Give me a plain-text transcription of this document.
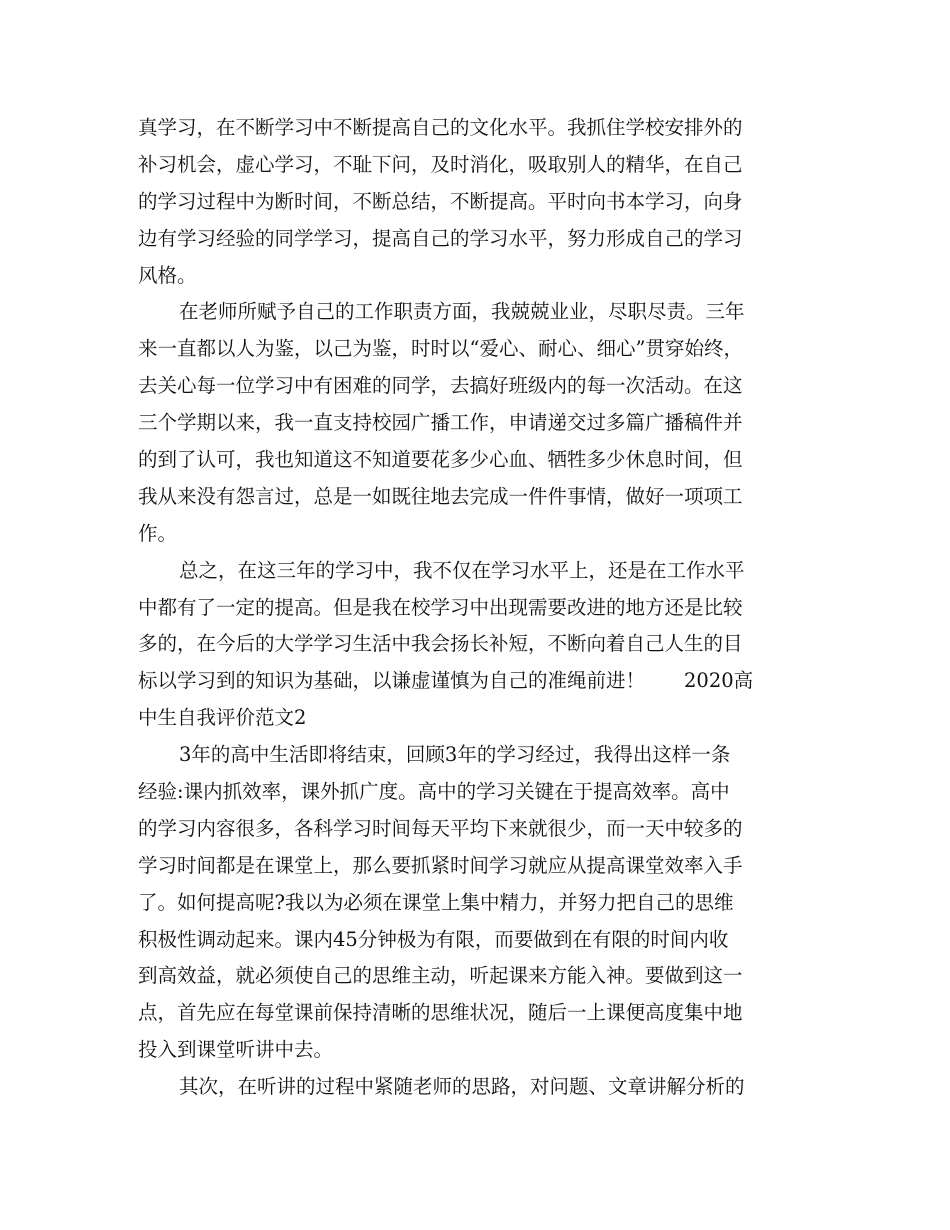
真学习，在不断学习中不断提高自己的文化水平。我抓住学校安排外的
补习机会，虚心学习，不耻下问，及时消化，吸取别人的精华，在自己
的学习过程中为断时间，不断总结，不断提高。平时向书本学习，向身
边有学习经验的同学学习，提高自己的学习水平，努力形成自己的学习
风格。
在老师所赋予自己的工作职责方面，我兢兢业业，尽职尽责。三年
来一直都以人为鉴，以己为鉴，时时以“爱心、耐心、细心”贯穿始终，
去关心每一位学习中有困难的同学，去搞好班级内的每一次活动。在这
三个学期以来，我一直支持校园广播工作，申请递交过多篇广播稿件并
的到了认可，我也知道这不知道要花多少心血、牺牲多少休息时间，但
我从来没有怨言过，总是一如既往地去完成一件件事情，做好一项项工
作。
总之，在这三年的学习中，我不仅在学习水平上，还是在工作水平
中都有了一定的提高。但是我在校学习中出现需要改进的地方还是比较
多的，在今后的大学学习生活中我会扬长补短，不断向着自己人生的目
标以学习到的知识为基础，以谦虚谨慎为自己的准绳前进！　　2020高
中生自我评价范文2
3年的高中生活即将结束，回顾3年的学习经过，我得出这样一条
经验:课内抓效率，课外抓广度。高中的学习关键在于提高效率。高中
的学习内容很多，各科学习时间每天平均下来就很少，而一天中较多的
学习时间都是在课堂上，那么要抓紧时间学习就应从提高课堂效率入手
了。如何提高呢?我以为必须在课堂上集中精力，并努力把自己的思维
积极性调动起来。课内45分钟极为有限，而要做到在有限的时间内收
到高效益，就必须使自己的思维主动，听起课来方能入神。要做到这一
点，首先应在每堂课前保持清晰的思维状况，随后一上课便高度集中地
投入到课堂听讲中去。
其次，在听讲的过程中紧随老师的思路，对问题、文章讲解分析的
